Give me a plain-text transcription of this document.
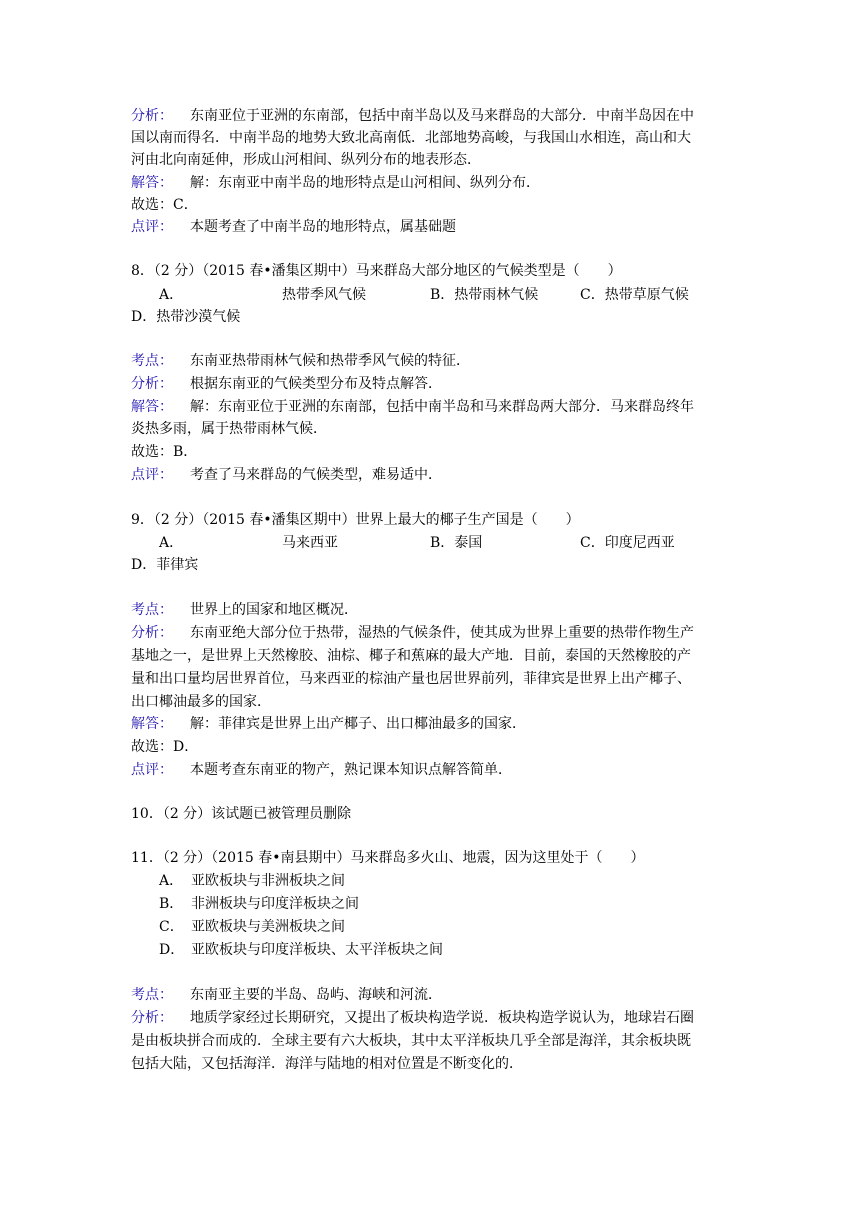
分析： 东南亚位于亚洲的东南部，包括中南半岛以及马来群岛的大部分．中南半岛因在中
国以南而得名．中南半岛的地势大致北高南低．北部地势高峻，与我国山水相连，高山和大
河由北向南延伸，形成山河相间、纵列分布的地表形态．
解答： 解：东南亚中南半岛的地形特点是山河相间、纵列分布．
故选：C．
点评： 本题考查了中南半岛的地形特点，属基础题
8．（2 分）（2015 春•潘集区期中）马来群岛大部分地区的气候类型是（　　）
A．	热带季风气候	B．热带雨林气候	C．热带草原气候
D．热带沙漠气候
考点： 东南亚热带雨林气候和热带季风气候的特征．
分析： 根据东南亚的气候类型分布及特点解答．
解答： 解：东南亚位于亚洲的东南部，包括中南半岛和马来群岛两大部分．马来群岛终年
炎热多雨，属于热带雨林气候．
故选：B．
点评： 考查了马来群岛的气候类型，难易适中．
9．（2 分）（2015 春•潘集区期中）世界上最大的椰子生产国是（　　）
A．	马来西亚	B．泰国	C．印度尼西亚
D．菲律宾
考点： 世界上的国家和地区概况．
分析： 东南亚绝大部分位于热带，湿热的气候条件，使其成为世界上重要的热带作物生产
基地之一，是世界上天然橡胶、油棕、椰子和蕉麻的最大产地．目前，泰国的天然橡胶的产
量和出口量均居世界首位，马来西亚的棕油产量也居世界前列，菲律宾是世界上出产椰子、
出口椰油最多的国家．
解答： 解：菲律宾是世界上出产椰子、出口椰油最多的国家．
故选：D．
点评： 本题考查东南亚的物产，熟记课本知识点解答简单．
10．（2 分）该试题已被管理员删除
11．（2 分）（2015 春•南县期中）马来群岛多火山、地震，因为这里处于（　　）
A． 亚欧板块与非洲板块之间
B． 非洲板块与印度洋板块之间
C． 亚欧板块与美洲板块之间
D． 亚欧板块与印度洋板块、太平洋板块之间
考点： 东南亚主要的半岛、岛屿、海峡和河流．
分析： 地质学家经过长期研究，又提出了板块构造学说．板块构造学说认为，地球岩石圈
是由板块拼合而成的．全球主要有六大板块，其中太平洋板块几乎全部是海洋，其余板块既
包括大陆，又包括海洋．海洋与陆地的相对位置是不断变化的．
